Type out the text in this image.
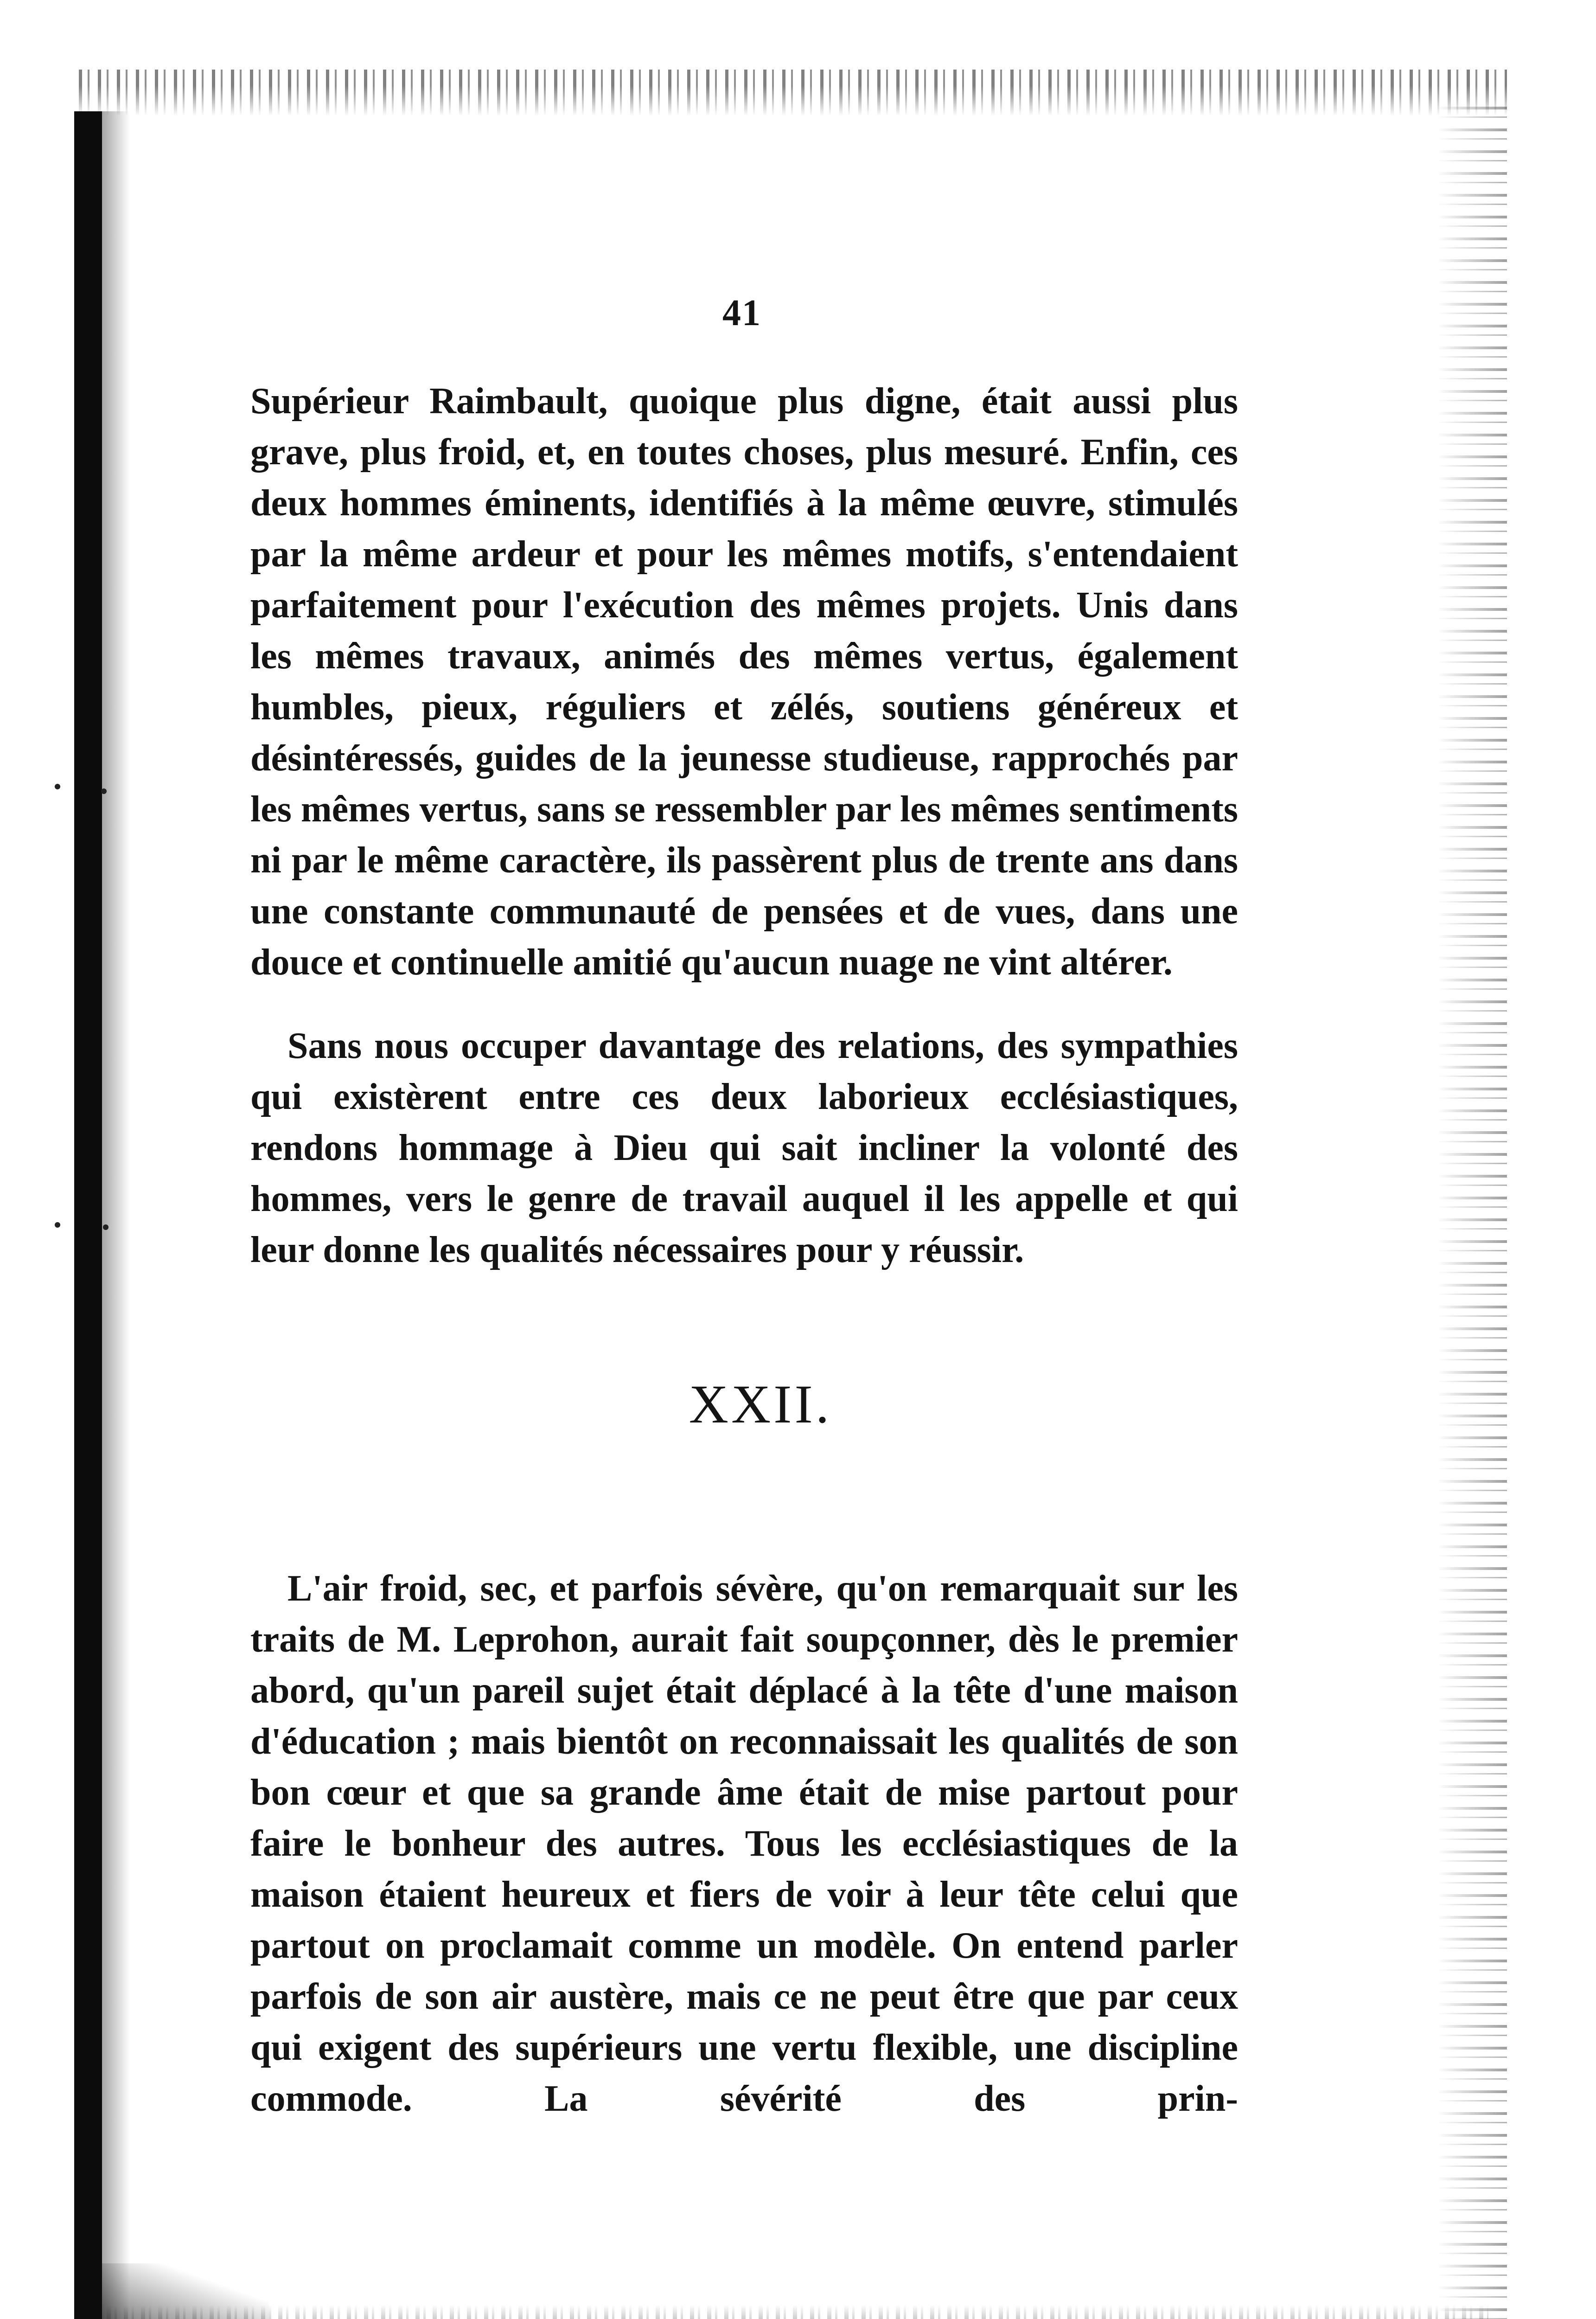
41

Supérieur Raimbault, quoique plus digne, était aussi plus grave, plus froid, et, en toutes choses, plus mesuré. Enfin, ces deux hommes éminents, identifiés à la même œuvre, stimulés par la même ardeur et pour les mêmes motifs, s'entendaient parfaitement pour l'exécution des mêmes projets. Unis dans les mêmes travaux, animés des mêmes vertus, également humbles, pieux, réguliers et zélés, soutiens généreux et désintéressés, guides de la jeunesse studieuse, rapprochés par les mêmes vertus, sans se ressembler par les mêmes sentiments ni par le même caractère, ils passèrent plus de trente ans dans une constante communauté de pensées et de vues, dans une douce et continuelle amitié qu'aucun nuage ne vint altérer.

Sans nous occuper davantage des relations, des sympathies qui existèrent entre ces deux laborieux ecclésiastiques, rendons hommage à Dieu qui sait incliner la volonté des hommes, vers le genre de travail auquel il les appelle et qui leur donne les qualités nécessaires pour y réussir.

XXII.

L'air froid, sec, et parfois sévère, qu'on remarquait sur les traits de M. Leprohon, aurait fait soupçonner, dès le premier abord, qu'un pareil sujet était déplacé à la tête d'une maison d'éducation ; mais bientôt on reconnaissait les qualités de son bon cœur et que sa grande âme était de mise partout pour faire le bonheur des autres. Tous les ecclésiastiques de la maison étaient heureux et fiers de voir à leur tête celui que partout on proclamait comme un modèle. On entend parler parfois de son air austère, mais ce ne peut être que par ceux qui exigent des supérieurs une vertu flexible, une discipline commode. La sévérité des prin-
